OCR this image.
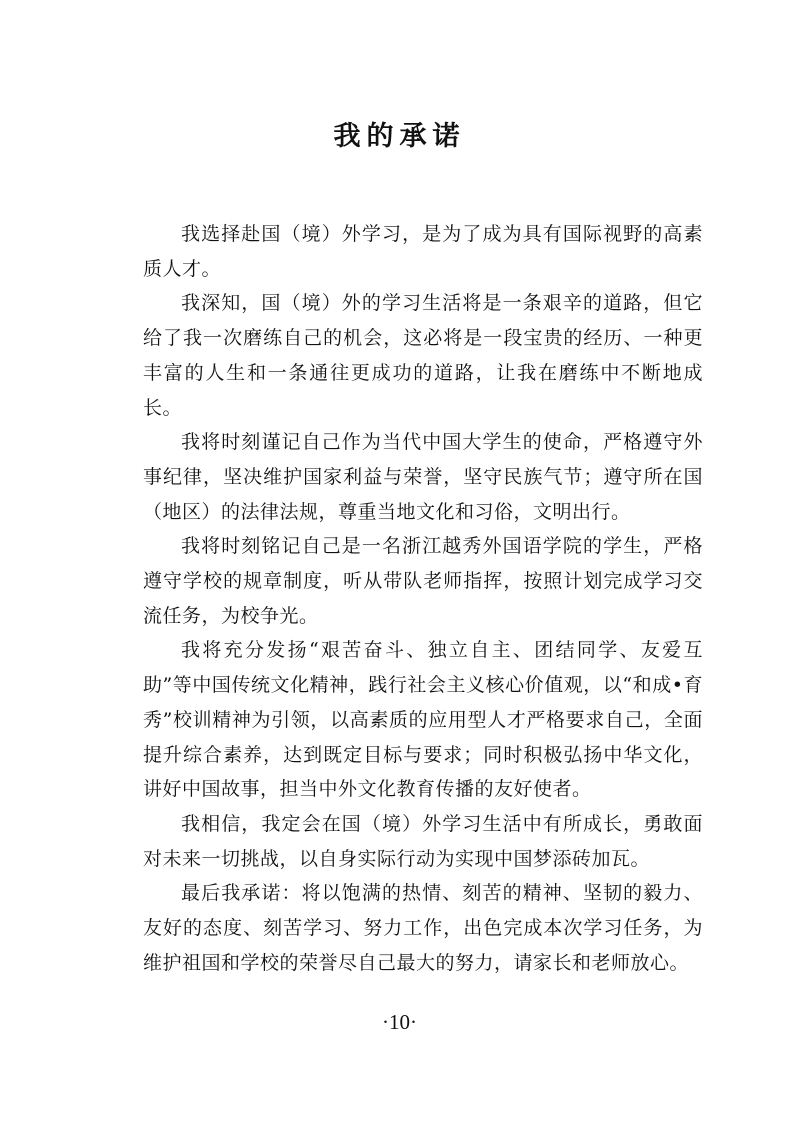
我的承诺

我选择赴国（境）外学习，是为了成为具有国际视野的高素质人才。

我深知，国（境）外的学习生活将是一条艰辛的道路，但它给了我一次磨练自己的机会，这必将是一段宝贵的经历、一种更丰富的人生和一条通往更成功的道路，让我在磨练中不断地成长。

我将时刻谨记自己作为当代中国大学生的使命，严格遵守外事纪律，坚决维护国家利益与荣誉，坚守民族气节；遵守所在国（地区）的法律法规，尊重当地文化和习俗，文明出行。

我将时刻铭记自己是一名浙江越秀外国语学院的学生，严格遵守学校的规章制度，听从带队老师指挥，按照计划完成学习交流任务，为校争光。

我将充分发扬“艰苦奋斗、独立自主、团结同学、友爱互助”等中国传统文化精神，践行社会主义核心价值观，以“和成•育秀”校训精神为引领，以高素质的应用型人才严格要求自己，全面提升综合素养，达到既定目标与要求；同时积极弘扬中华文化，讲好中国故事，担当中外文化教育传播的友好使者。

我相信，我定会在国（境）外学习生活中有所成长，勇敢面对未来一切挑战，以自身实际行动为实现中国梦添砖加瓦。

最后我承诺：将以饱满的热情、刻苦的精神、坚韧的毅力、友好的态度、刻苦学习、努力工作，出色完成本次学习任务，为维护祖国和学校的荣誉尽自己最大的努力，请家长和老师放心。

·10·
